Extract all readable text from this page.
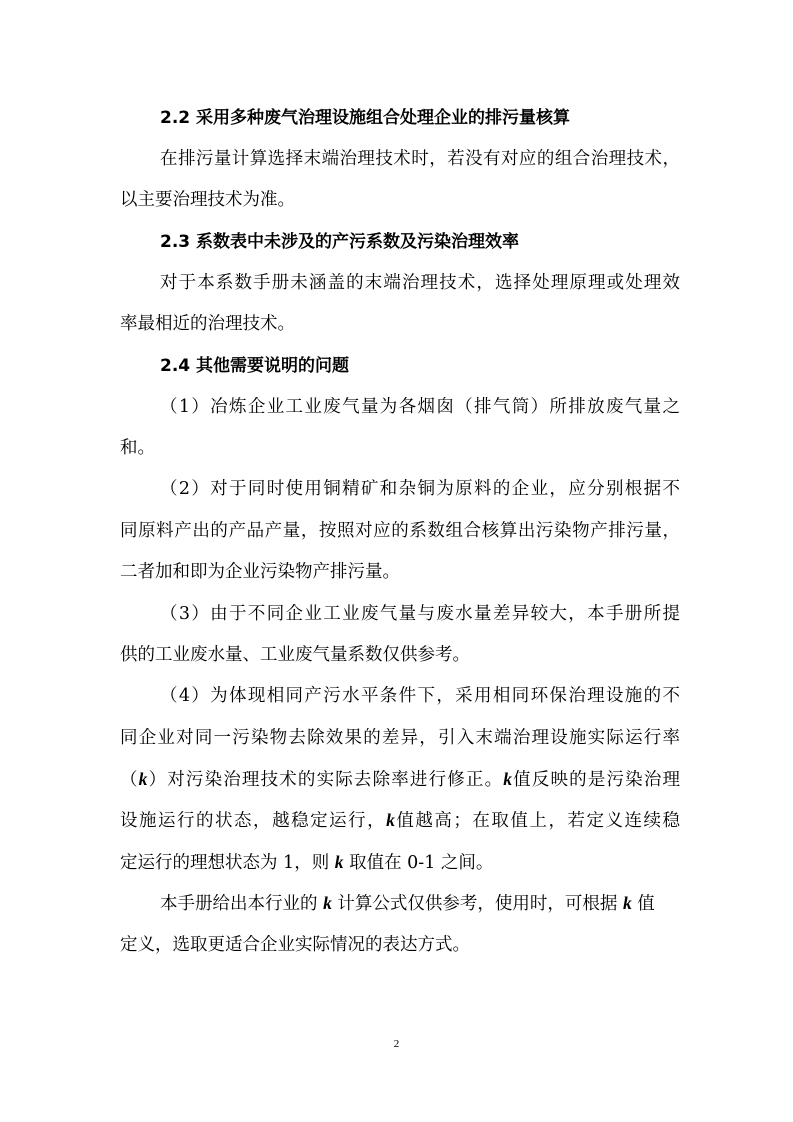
2.2 采用多种废气治理设施组合处理企业的排污量核算
在排污量计算选择末端治理技术时，若没有对应的组合治理技术，
以主要治理技术为准。
2.3 系数表中未涉及的产污系数及污染治理效率
对于本系数手册未涵盖的末端治理技术，选择处理原理或处理效
率最相近的治理技术。
2.4 其他需要说明的问题
（1）冶炼企业工业废气量为各烟囱（排气筒）所排放废气量之
和。
（2）对于同时使用铜精矿和杂铜为原料的企业，应分别根据不
同原料产出的产品产量，按照对应的系数组合核算出污染物产排污量，
二者加和即为企业污染物产排污量。
（3）由于不同企业工业废气量与废水量差异较大，本手册所提
供的工业废水量、工业废气量系数仅供参考。
（4）为体现相同产污水平条件下，采用相同环保治理设施的不
同企业对同一污染物去除效果的差异，引入末端治理设施实际运行率
（k）对污染治理技术的实际去除率进行修正。k值反映的是污染治理
设施运行的状态，越稳定运行，k值越高；在取值上，若定义连续稳
定运行的理想状态为 1，则 k 取值在 0-1 之间。
本手册给出本行业的 k 计算公式仅供参考，使用时，可根据 k 值
定义，选取更适合企业实际情况的表达方式。
2
